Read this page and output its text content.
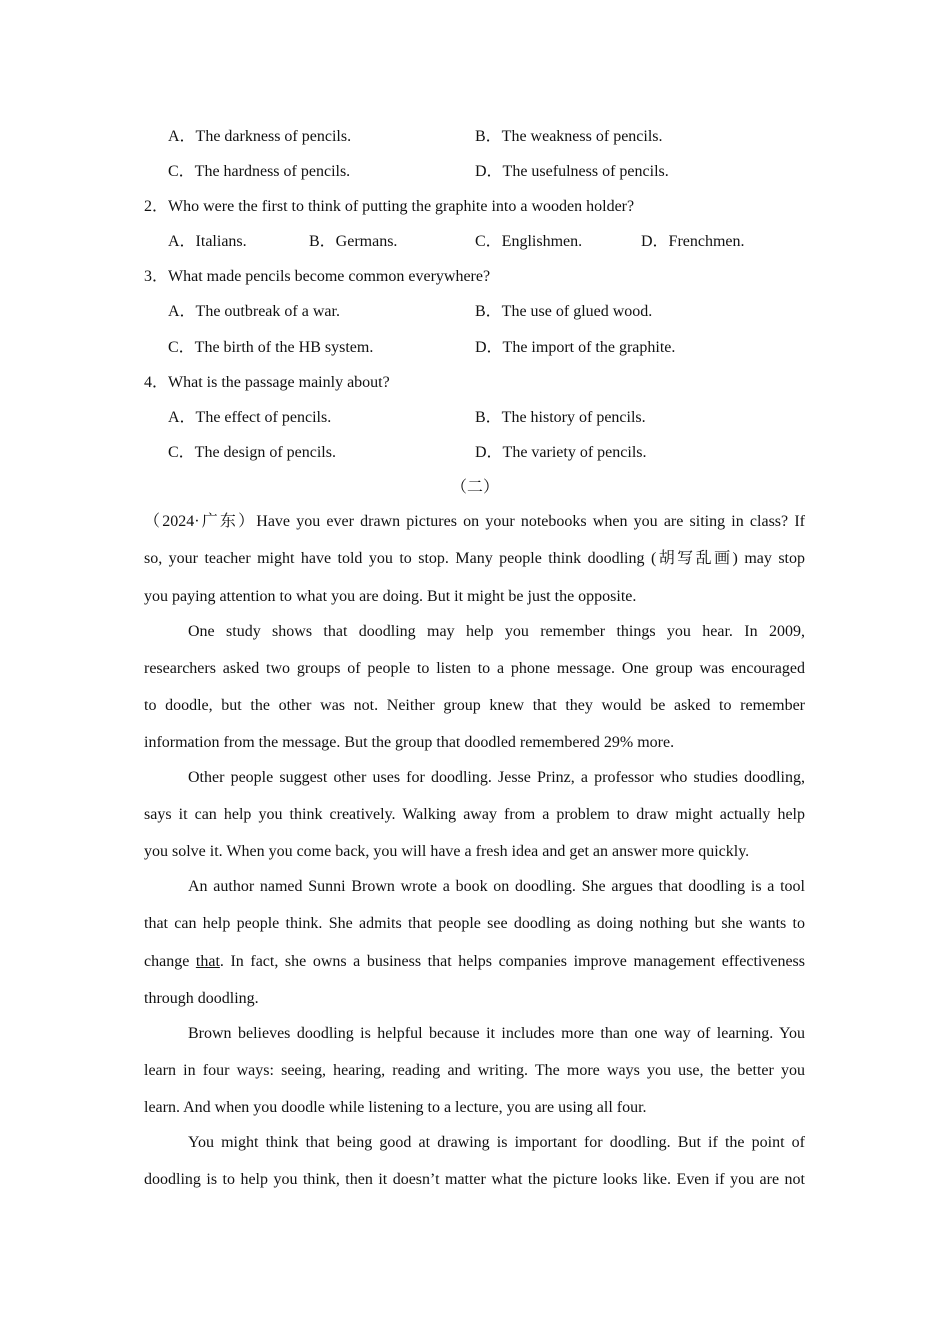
A．The darkness of pencils.	B．The weakness of pencils.
C．The hardness of pencils.	D．The usefulness of pencils.
2．Who were the first to think of putting the graphite into a wooden holder?
A．Italians.	B．Germans.	C．Englishmen.	D．Frenchmen.
3．What made pencils become common everywhere?
A．The outbreak of a war.	B．The use of glued wood.
C．The birth of the HB system.	D．The import of the graphite.
4．What is the passage mainly about?
A．The effect of pencils.	B．The history of pencils.
C．The design of pencils.	D．The variety of pencils.
（二）
（2024·广东）Have you ever drawn pictures on your notebooks when you are siting in class? If
so, your teacher might have told you to stop. Many people think doodling (胡写乱画) may stop
you paying attention to what you are doing. But it might be just the opposite.
One study shows that doodling may help you remember things you hear. In 2009,
researchers asked two groups of people to listen to a phone message. One group was encouraged
to doodle, but the other was not. Neither group knew that they would be asked to remember
information from the message. But the group that doodled remembered 29% more.
Other people suggest other uses for doodling. Jesse Prinz, a professor who studies doodling,
says it can help you think creatively. Walking away from a problem to draw might actually help
you solve it. When you come back, you will have a fresh idea and get an answer more quickly.
An author named Sunni Brown wrote a book on doodling. She argues that doodling is a tool
that can help people think. She admits that people see doodling as doing nothing but she wants to
change that. In fact, she owns a business that helps companies improve management effectiveness
through doodling.
Brown believes doodling is helpful because it includes more than one way of learning. You
learn in four ways: seeing, hearing, reading and writing. The more ways you use, the better you
learn. And when you doodle while listening to a lecture, you are using all four.
You might think that being good at drawing is important for doodling. But if the point of
doodling is to help you think, then it doesn’t matter what the picture looks like. Even if you are not
